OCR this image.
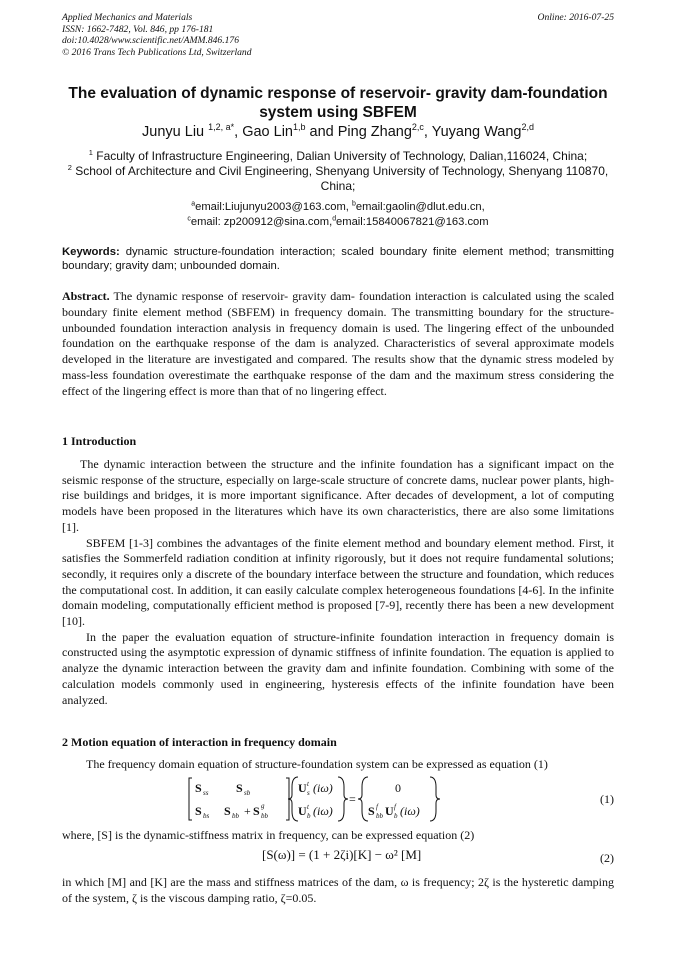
Applied Mechanics and Materials
ISSN: 1662-7482, Vol. 846, pp 176-181
doi:10.4028/www.scientific.net/AMM.846.176
© 2016 Trans Tech Publications Ltd, Switzerland
Online: 2016-07-25
The evaluation of dynamic response of reservoir- gravity dam-foundation system using SBFEM
Junyu Liu $^{1,2, a*}$, Gao Lin$^{1,b}$ and Ping Zhang$^{2,c}$, Yuyang Wang$^{2,d}$
$^1$ Faculty of Infrastructure Engineering, Dalian University of Technology, Dalian,116024, China;
$^2$ School of Architecture and Civil Engineering, Shenyang University of Technology, Shenyang 110870, China;
$^a$email:Liujunyu2003@163.com, $^b$email:gaolin@dlut.edu.cn,
$^c$email: zp200912@sina.com,$^d$email:15840067821@163.com
Keywords: dynamic structure-foundation interaction; scaled boundary finite element method; transmitting boundary; gravity dam; unbounded domain.
Abstract. The dynamic response of reservoir- gravity dam- foundation interaction is calculated using the scaled boundary finite element method (SBFEM) in frequency domain. The transmitting boundary for the structure-unbounded foundation interaction analysis in frequency domain is used. The lingering effect of the unbounded foundation on the earthquake response of the dam is analyzed. Characteristics of several approximate models developed in the literature are investigated and compared. The results show that the dynamic stress modeled by mass-less foundation overestimate the earthquake response of the dam and the maximum stress considering the effect of the lingering effect is more than that of no lingering effect.
1 Introduction

The dynamic interaction between the structure and the infinite foundation has a significant impact on the seismic response of the structure, especially on large-scale structure of concrete dams, nuclear power plants, high-rise buildings and bridges, it is more important significance. After decades of development, a lot of computing models have been proposed in the literatures which have its own characteristics, there are also some limitations [1].

SBFEM [1-3] combines the advantages of the finite element method and boundary element method. First, it satisfies the Sommerfeld radiation condition at infinity rigorously, but it does not require fundamental solutions; secondly, it requires only a discrete of the boundary interface between the structure and foundation, which reduces the computational cost. In addition, it can easily calculate complex heterogeneous foundations [4-6]. In the infinite domain modeling, computationally efficient method is proposed [7-9], recently there has been a new development [10].

In the paper the evaluation equation of structure-infinite foundation interaction in frequency domain is constructed using the asymptotic expression of dynamic stiffness of infinite foundation. The equation is applied to analyze the dynamic interaction between the gravity dam and infinite foundation. Combining with some of the calculation models commonly used in engineering, hysteresis effects of the infinite foundation have been analyzed.

2 Motion equation of interaction in frequency domain
The frequency domain equation of structure-foundation system can be expressed as equation (1)
S ss S sb
S bs S bb + S g
bb
U t
s (iω)
U t
b (iω)
=
0
S f
bb U f
b (iω)
(1)
where, [S] is the dynamic-stiffness matrix in frequency, can be expressed equation (2)
[S(ω)] = (1 + 2ζi)[K] − ω² [M]	(2)
in which [M] and [K] are the mass and stiffness matrices of the dam, ω is frequency; 2ζ is the hysteretic damping of the system, ζ is the viscous damping ratio, ζ=0.05.
